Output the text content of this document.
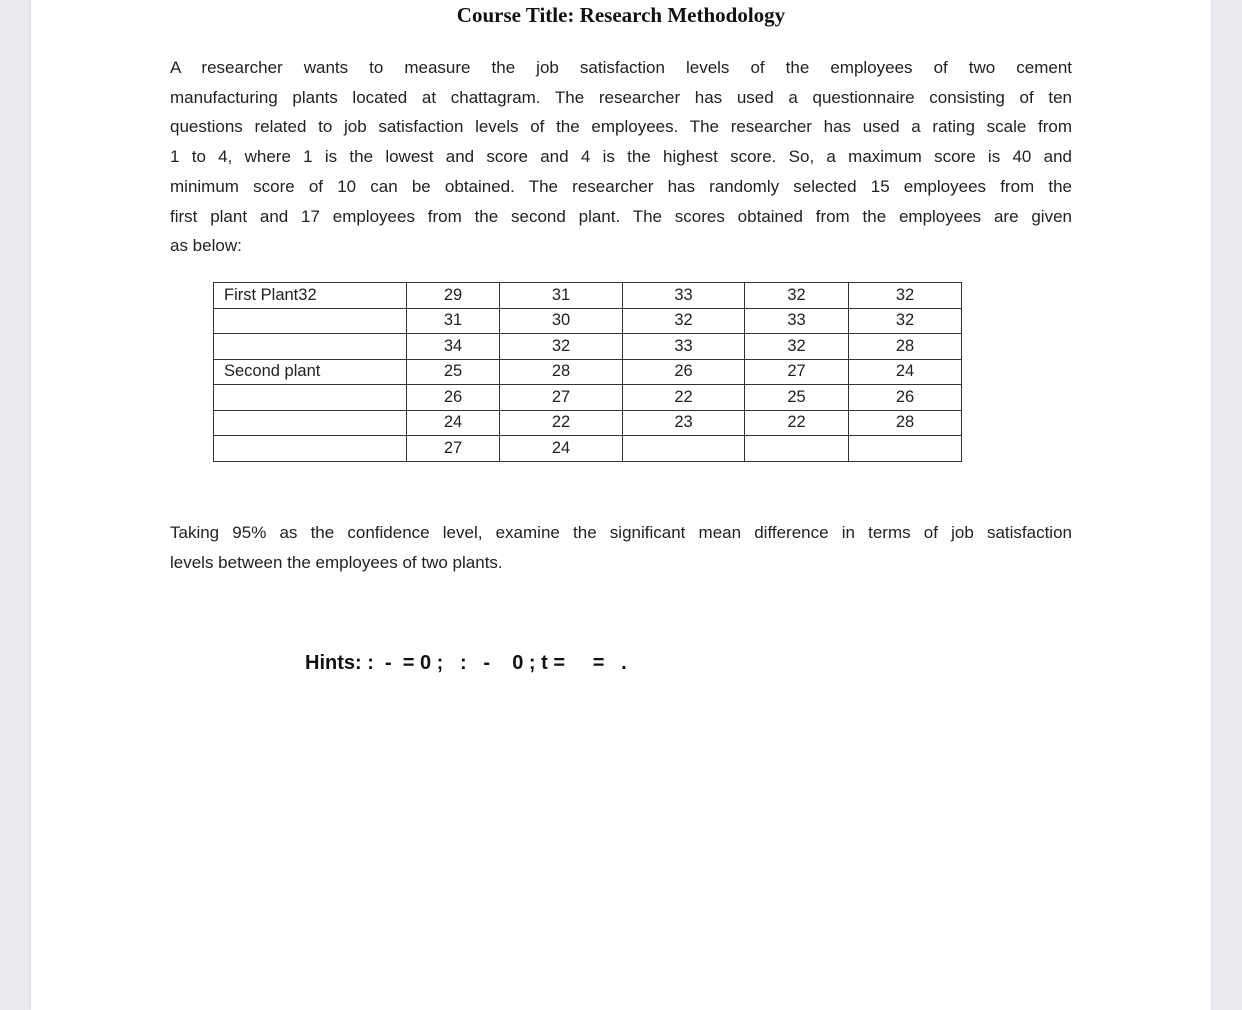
Course Title: Research Methodology
A researcher wants to measure the job satisfaction levels of the employees of two cement
manufacturing plants located at chattagram. The researcher has used a questionnaire consisting of ten
questions related to job satisfaction levels of the employees. The researcher has used a rating scale from
1 to 4, where 1 is the lowest and score and 4 is the highest score. So, a maximum score is 40 and
minimum score of 10 can be obtained. The researcher has randomly selected 15 employees from the
first plant and 17 employees from the second plant. The scores obtained from the employees are given
as below:
First Plant32	29	31	33	32	32
	31	30	32	33	32
	34	32	33	32	28
Second plant	25	28	26	27	24
	26	27	22	25	26
	24	22	23	22	28
	27	24			
Taking 95% as the confidence level, examine the significant mean difference in terms of job satisfaction
levels between the employees of two plants.
Hints: :  -  = 0 ;   :   -    0 ; t =     =   .
